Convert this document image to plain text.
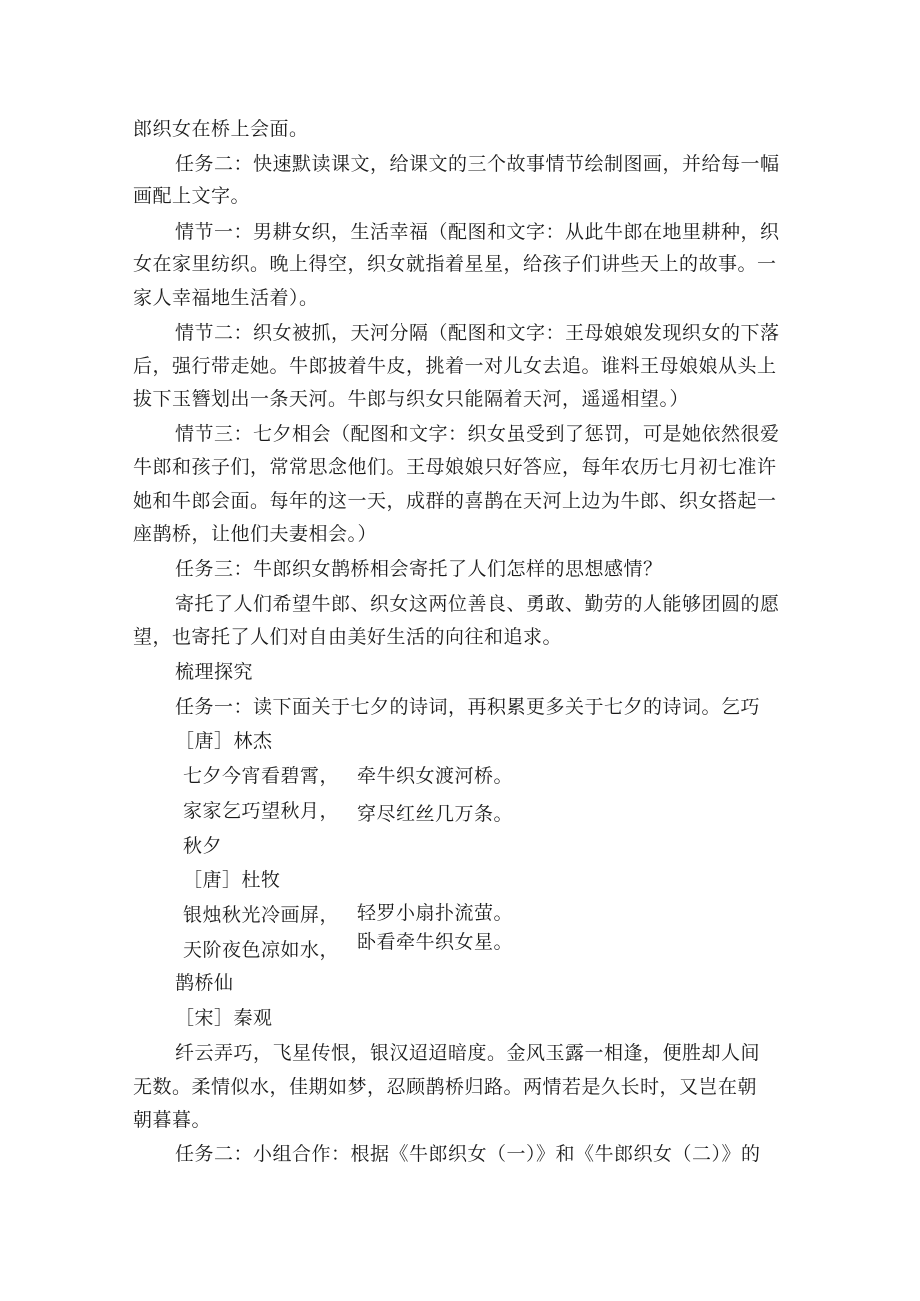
郎织女在桥上会面。
任务二：快速默读课文，给课文的三个故事情节绘制图画，并给每一幅
画配上文字。
情节一：男耕女织，生活幸福（配图和文字：从此牛郎在地里耕种，织
女在家里纺织。晚上得空，织女就指着星星，给孩子们讲些天上的故事。一
家人幸福地生活着）。
情节二：织女被抓，天河分隔（配图和文字：王母娘娘发现织女的下落
后，强行带走她。牛郎披着牛皮，挑着一对儿女去追。谁料王母娘娘从头上
拔下玉簪划出一条天河。牛郎与织女只能隔着天河，遥遥相望。）
情节三：七夕相会（配图和文字：织女虽受到了惩罚，可是她依然很爱
牛郎和孩子们，常常思念他们。王母娘娘只好答应，每年农历七月初七准许
她和牛郎会面。每年的这一天，成群的喜鹊在天河上边为牛郎、织女搭起一
座鹊桥，让他们夫妻相会。）
任务三：牛郎织女鹊桥相会寄托了人们怎样的思想感情？
寄托了人们希望牛郎、织女这两位善良、勇敢、勤劳的人能够团圆的愿
望，也寄托了人们对自由美好生活的向往和追求。
梳理探究
任务一：读下面关于七夕的诗词，再积累更多关于七夕的诗词。乞巧
［唐］林杰
七夕今宵看碧霄， 牵牛织女渡河桥。
家家乞巧望秋月， 穿尽红丝几万条。
秋夕
［唐］杜牧
银烛秋光冷画屏， 轻罗小扇扑流萤。
天阶夜色凉如水， 卧看牵牛织女星。
鹊桥仙
［宋］秦观
纤云弄巧，飞星传恨，银汉迢迢暗度。金风玉露一相逢，便胜却人间
无数。柔情似水，佳期如梦，忍顾鹊桥归路。两情若是久长时，又岂在朝
朝暮暮。
任务二：小组合作：根据《牛郎织女（一）》和《牛郎织女（二）》的
